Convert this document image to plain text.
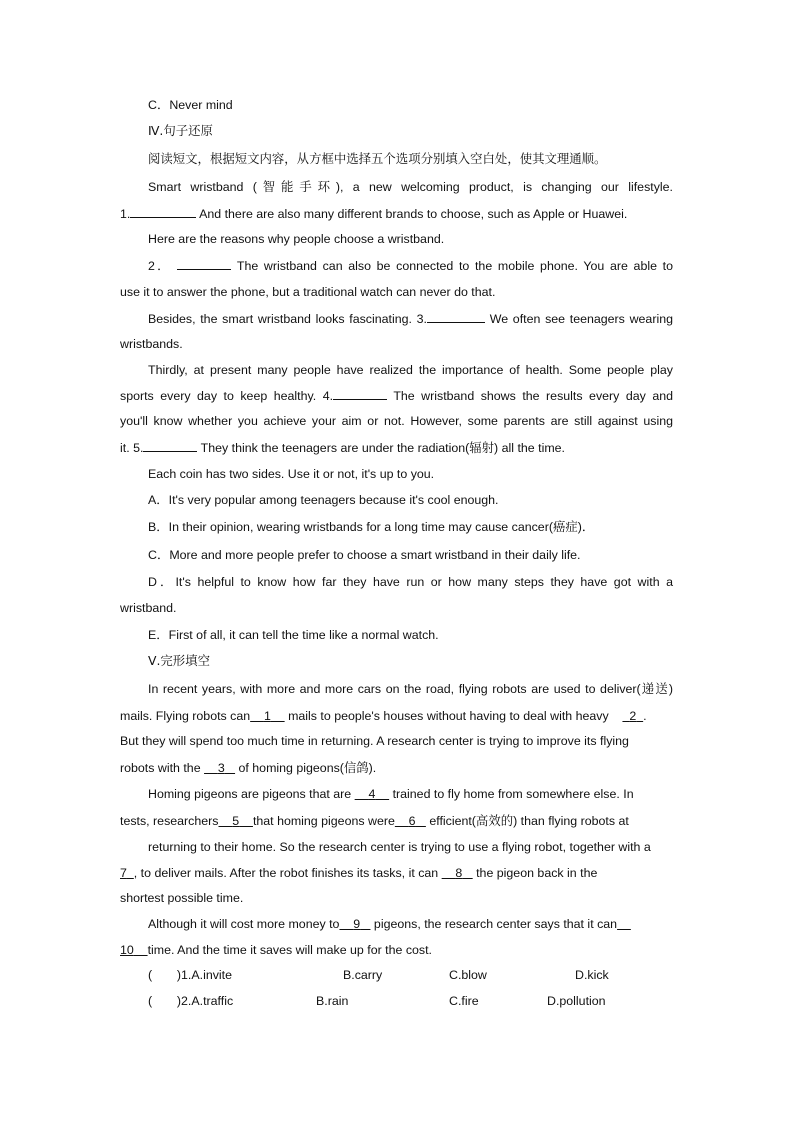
C．Never mind
Ⅳ.句子还原
阅读短文，根据短文内容，从方框中选择五个选项分别填入空白处，使其文理通顺。
Smart wristband (智能手环), a new welcoming product, is changing our lifestyle.
1.	And there are also many different brands to choose, such as Apple or Huawei.
Here are the reasons why people choose a wristband.
2．	The wristband can also be connected to the mobile phone. You are able to
use it to answer the phone, but a traditional watch can never do that.
Besides, the smart wristband looks fascinating. 3.	We often see teenagers wearing
wristbands.
Thirdly, at present many people have realized the importance of health. Some people play
sports every day to keep healthy. 4.	The wristband shows the results every day and
you'll know whether you achieve your aim or not. However, some parents are still against using
it. 5.	They think the teenagers are under the radiation(辐射) all the time.
Each coin has two sides. Use it or not, it's up to you.
A．It's very popular among teenagers because it's cool enough.
B．In their opinion, wearing wristbands for a long time may cause cancer(癌症)．
C．More and more people prefer to choose a smart wristband in their daily life.
D．It's helpful to know how far they have run or how many steps they have got with a
wristband.
E．First of all, it can tell the time like a normal watch.
Ⅴ.完形填空
In recent years, with more and more cars on the road, flying robots are used to deliver(递送)
mails. Flying robots can 1 mails to people's houses without having to deal with heavy 2 .
But they will spend too much time in returning. A research center is trying to improve its flying
robots with the 3 of homing pigeons(信鸽).
Homing pigeons are pigeons that are 4 trained to fly home from somewhere else. In
tests, researchers 5 that homing pigeons were 6 efficient(高效的) than flying robots at
returning to their home. So the research center is trying to use a flying robot, together with a
7 , to deliver mails. After the robot finishes its tasks, it can 8 the pigeon back in the
shortest possible time.
Although it will cost more money to 9 pigeons, the research center says that it can
10 time. And the time it saves will make up for the cost.
(　　)1.A.invite	B.carry	C.blow	D.kick
(　　)2.A.traffic	B.rain	C.fire	D.pollution
